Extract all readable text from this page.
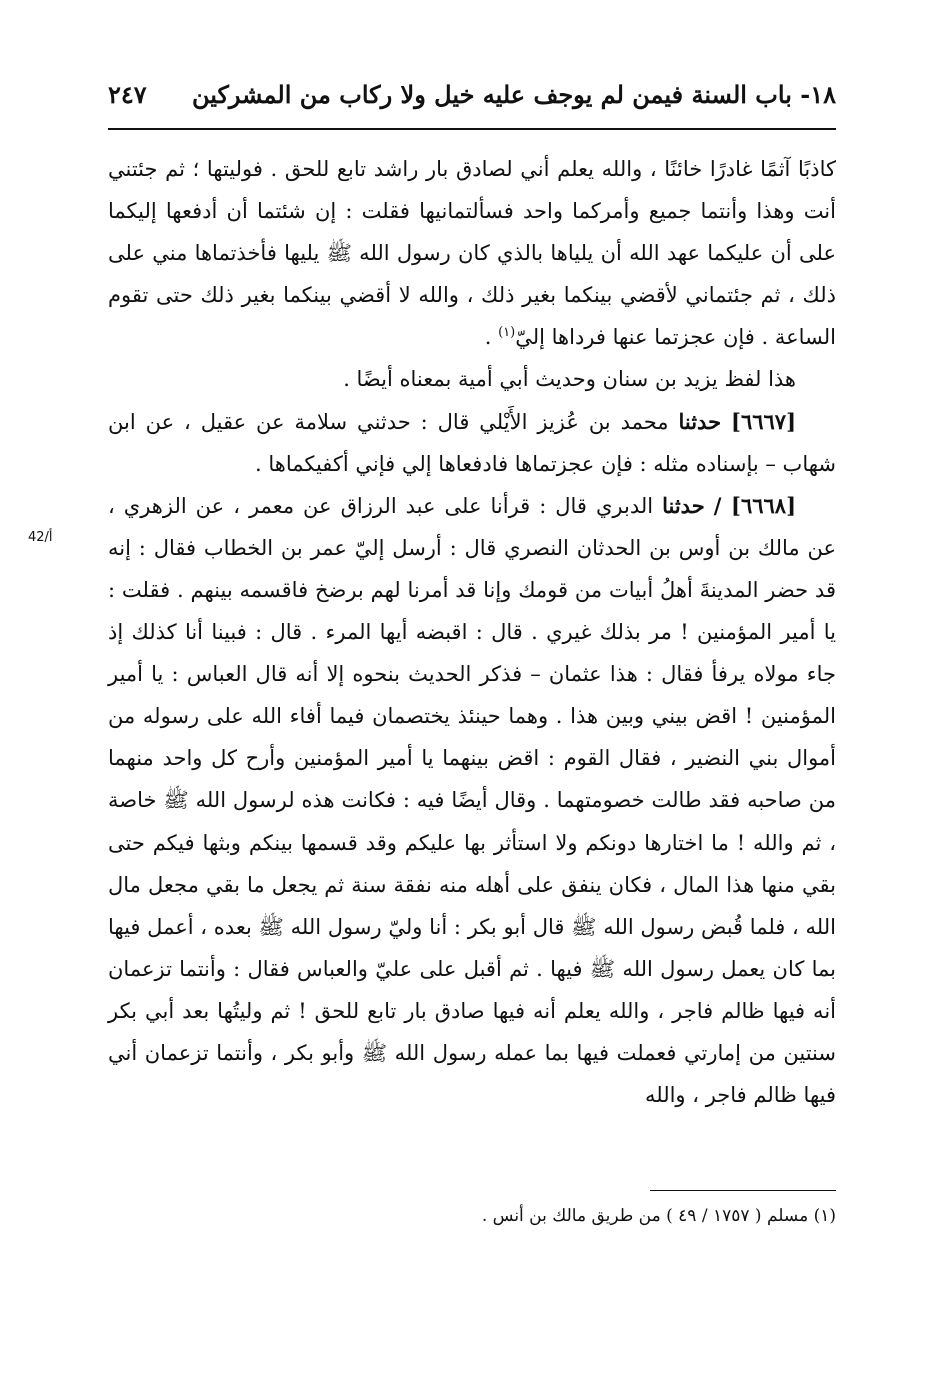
١٨- باب السنة فيمن لم يوجف عليه خيل ولا ركاب من المشركين
٢٤٧
42/أ

كاذبًا آثمًا غادرًا خائنًا ، والله يعلم أني لصادق بار راشد تابع للحق . فوليتها ؛ ثم جئتني أنت وهذا وأنتما جميع وأمركما واحد فسألتمانيها فقلت : إن شئتما أن أدفعها إليكما على أن عليكما عهد الله أن يلياها بالذي كان رسول الله ﷺ يليها فأخذتماها مني على ذلك ، ثم جئتماني لأقضي بينكما بغير ذلك ، والله لا أقضي بينكما بغير ذلك حتى تقوم الساعة . فإن عجزتما عنها فرداها إليّ$^{(١)}$ .

هذا لفظ يزيد بن سنان وحديث أبي أمية بمعناه أيضًا .

[٦٦٦٧] حدثنا محمد بن عُزيز الأَيْلي قال : حدثني سلامة عن عقيل ، عن ابن شهاب – بإسناده مثله : فإن عجزتماها فادفعاها إلي فإني أكفيكماها .

[٦٦٦٨] / حدثنا الدبري قال : قرأنا على عبد الرزاق عن معمر ، عن الزهري ، عن مالك بن أوس بن الحدثان النصري قال : أرسل إليّ عمر بن الخطاب فقال : إنه قد حضر المدينةَ أهلُ أبيات من قومك وإنا قد أمرنا لهم برضخ فاقسمه بينهم . فقلت : يا أمير المؤمنين ! مر بذلك غيري . قال : اقبضه أيها المرء . قال : فبينا أنا كذلك إذ جاء مولاه يرفأ فقال : هذا عثمان – فذكر الحديث بنحوه إلا أنه قال العباس : يا أمير المؤمنين ! اقض بيني وبين هذا . وهما حينئذ يختصمان فيما أفاء الله على رسوله من أموال بني النضير ، فقال القوم : اقض بينهما يا أمير المؤمنين وأرح كل واحد منهما من صاحبه فقد طالت خصومتهما . وقال أيضًا فيه : فكانت هذه لرسول الله ﷺ خاصة ، ثم والله ! ما اختارها دونكم ولا استأثر بها عليكم وقد قسمها بينكم وبثها فيكم حتى بقي منها هذا المال ، فكان ينفق على أهله منه نفقة سنة ثم يجعل ما بقي مجعل مال الله ، فلما قُبض رسول الله ﷺ قال أبو بكر : أنا وليّ رسول الله ﷺ بعده ، أعمل فيها بما كان يعمل رسول الله ﷺ فيها . ثم أقبل على عليّ والعباس فقال : وأنتما تزعمان أنه فيها ظالم فاجر ، والله يعلم أنه فيها صادق بار تابع للحق ! ثم وليتُها بعد أبي بكر سنتين من إمارتي فعملت فيها بما عمله رسول الله ﷺ وأبو بكر ، وأنتما تزعمان أني فيها ظالم فاجر ، والله

(١) مسلم ( ١٧٥٧ / ٤٩ ) من طريق مالك بن أنس .
